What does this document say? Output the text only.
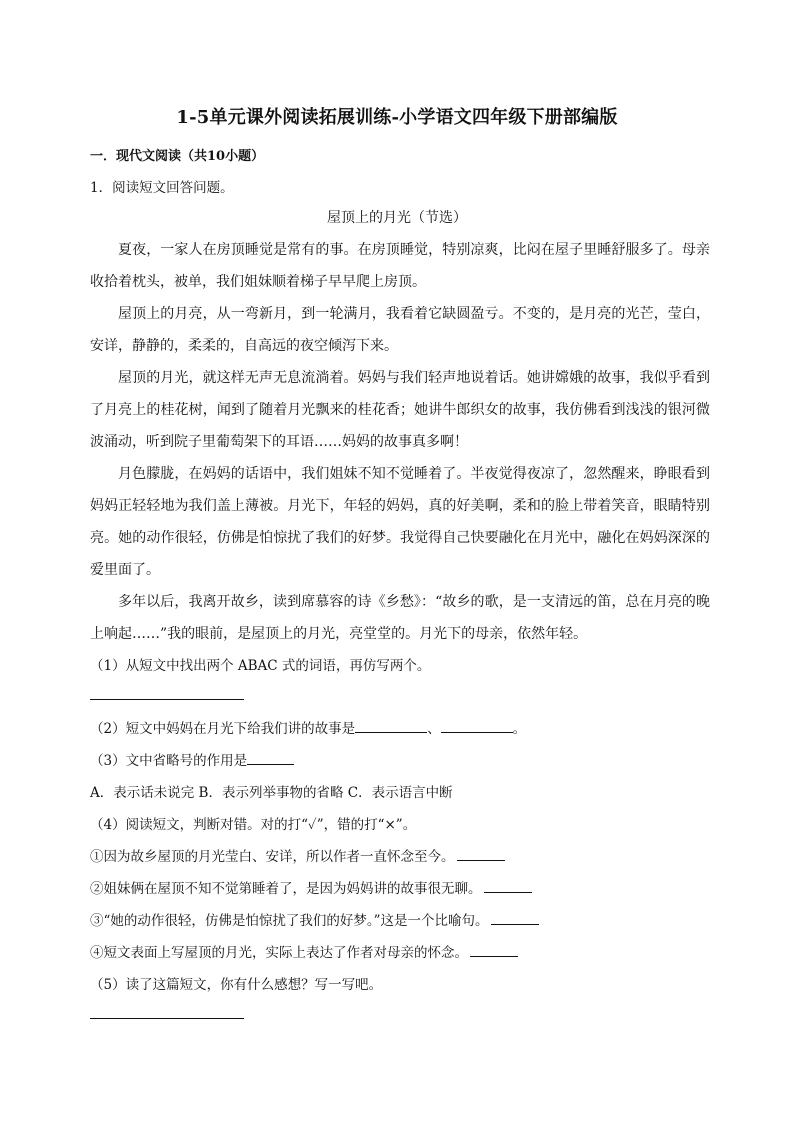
1-5单元课外阅读拓展训练-小学语文四年级下册部编版
一．现代文阅读（共10小题）
1．阅读短文回答问题。
屋顶上的月光（节选）

夏夜，一家人在房顶睡觉是常有的事。在房顶睡觉，特别凉爽，比闷在屋子里睡舒服多了。母亲收拾着枕头，被单，我们姐妹顺着梯子早早爬上房顶。

屋顶上的月亮，从一弯新月，到一轮满月，我看着它缺圆盈亏。不变的，是月亮的光芒，莹白，安详，静静的，柔柔的，自高远的夜空倾泻下来。

屋顶的月光，就这样无声无息流淌着。妈妈与我们轻声地说着话。她讲嫦娥的故事，我似乎看到了月亮上的桂花树，闻到了随着月光飘来的桂花香；她讲牛郎织女的故事，我仿佛看到浅浅的银河微波涌动，听到院子里葡萄架下的耳语……妈妈的故事真多啊！

月色朦胧，在妈妈的话语中，我们姐妹不知不觉睡着了。半夜觉得夜凉了，忽然醒来，睁眼看到妈妈正轻轻地为我们盖上薄被。月光下，年轻的妈妈，真的好美啊，柔和的脸上带着笑音，眼睛特别亮。她的动作很轻，仿佛是怕惊扰了我们的好梦。我觉得自己快要融化在月光中，融化在妈妈深深的爱里面了。

多年以后，我离开故乡，读到席慕容的诗《乡愁》：“故乡的歌，是一支清远的笛，总在月亮的晚上响起……”我的眼前，是屋顶上的月光，亮堂堂的。月光下的母亲，依然年轻。

（1）从短文中找出两个 ABAC 式的词语，再仿写两个。
（2）短文中妈妈在月光下给我们讲的故事是	、	。
（3）文中省略号的作用是
A．表示话未说完 B．表示列举事物的省略 C．表示语言中断
（4）阅读短文，判断对错。对的打“✓”，错的打“×”。
①因为故乡屋顶的月光莹白、安详，所以作者一直怀念至今。
②姐妹俩在屋顶不知不觉第睡着了，是因为妈妈讲的故事很无聊。
③“她的动作很轻，仿佛是怕惊扰了我们的好梦。”这是一个比喻句。
④短文表面上写屋顶的月光，实际上表达了作者对母亲的怀念。
（5）读了这篇短文，你有什么感想？写一写吧。
